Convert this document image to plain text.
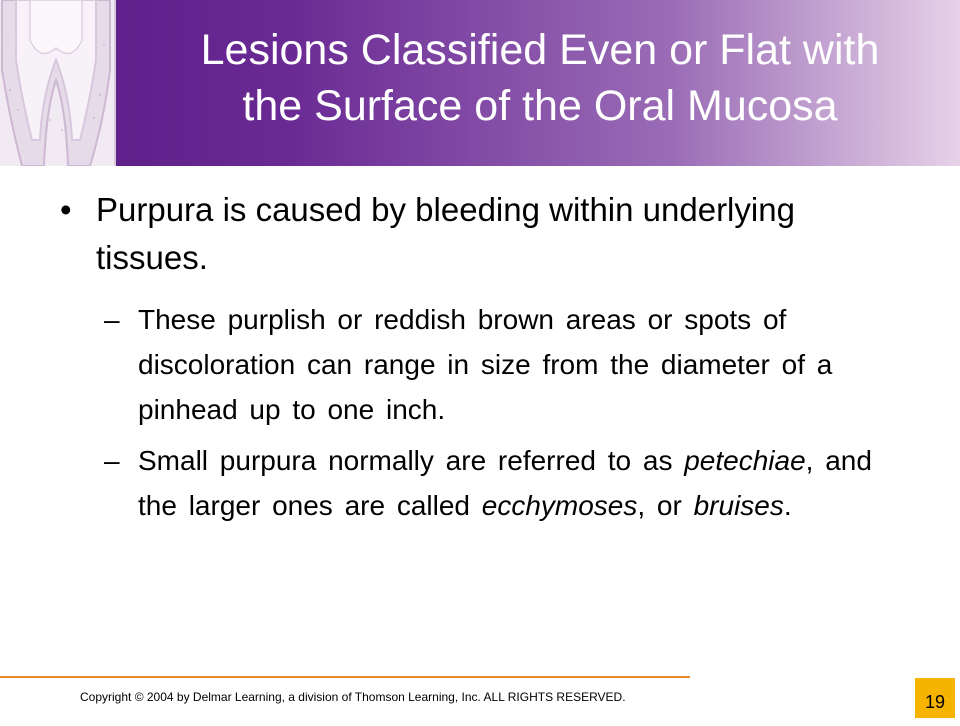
Lesions Classified Even or Flat with
the Surface of the Oral Mucosa
• Purpura is caused by bleeding within underlying tissues.
– These purplish or reddish brown areas or spots of discoloration can range in size from the diameter of a pinhead up to one inch.
– Small purpura normally are referred to as petechiae, and the larger ones are called ecchymoses, or bruises.
Copyright © 2004 by Delmar Learning, a division of Thomson Learning, Inc. ALL RIGHTS RESERVED.	19
